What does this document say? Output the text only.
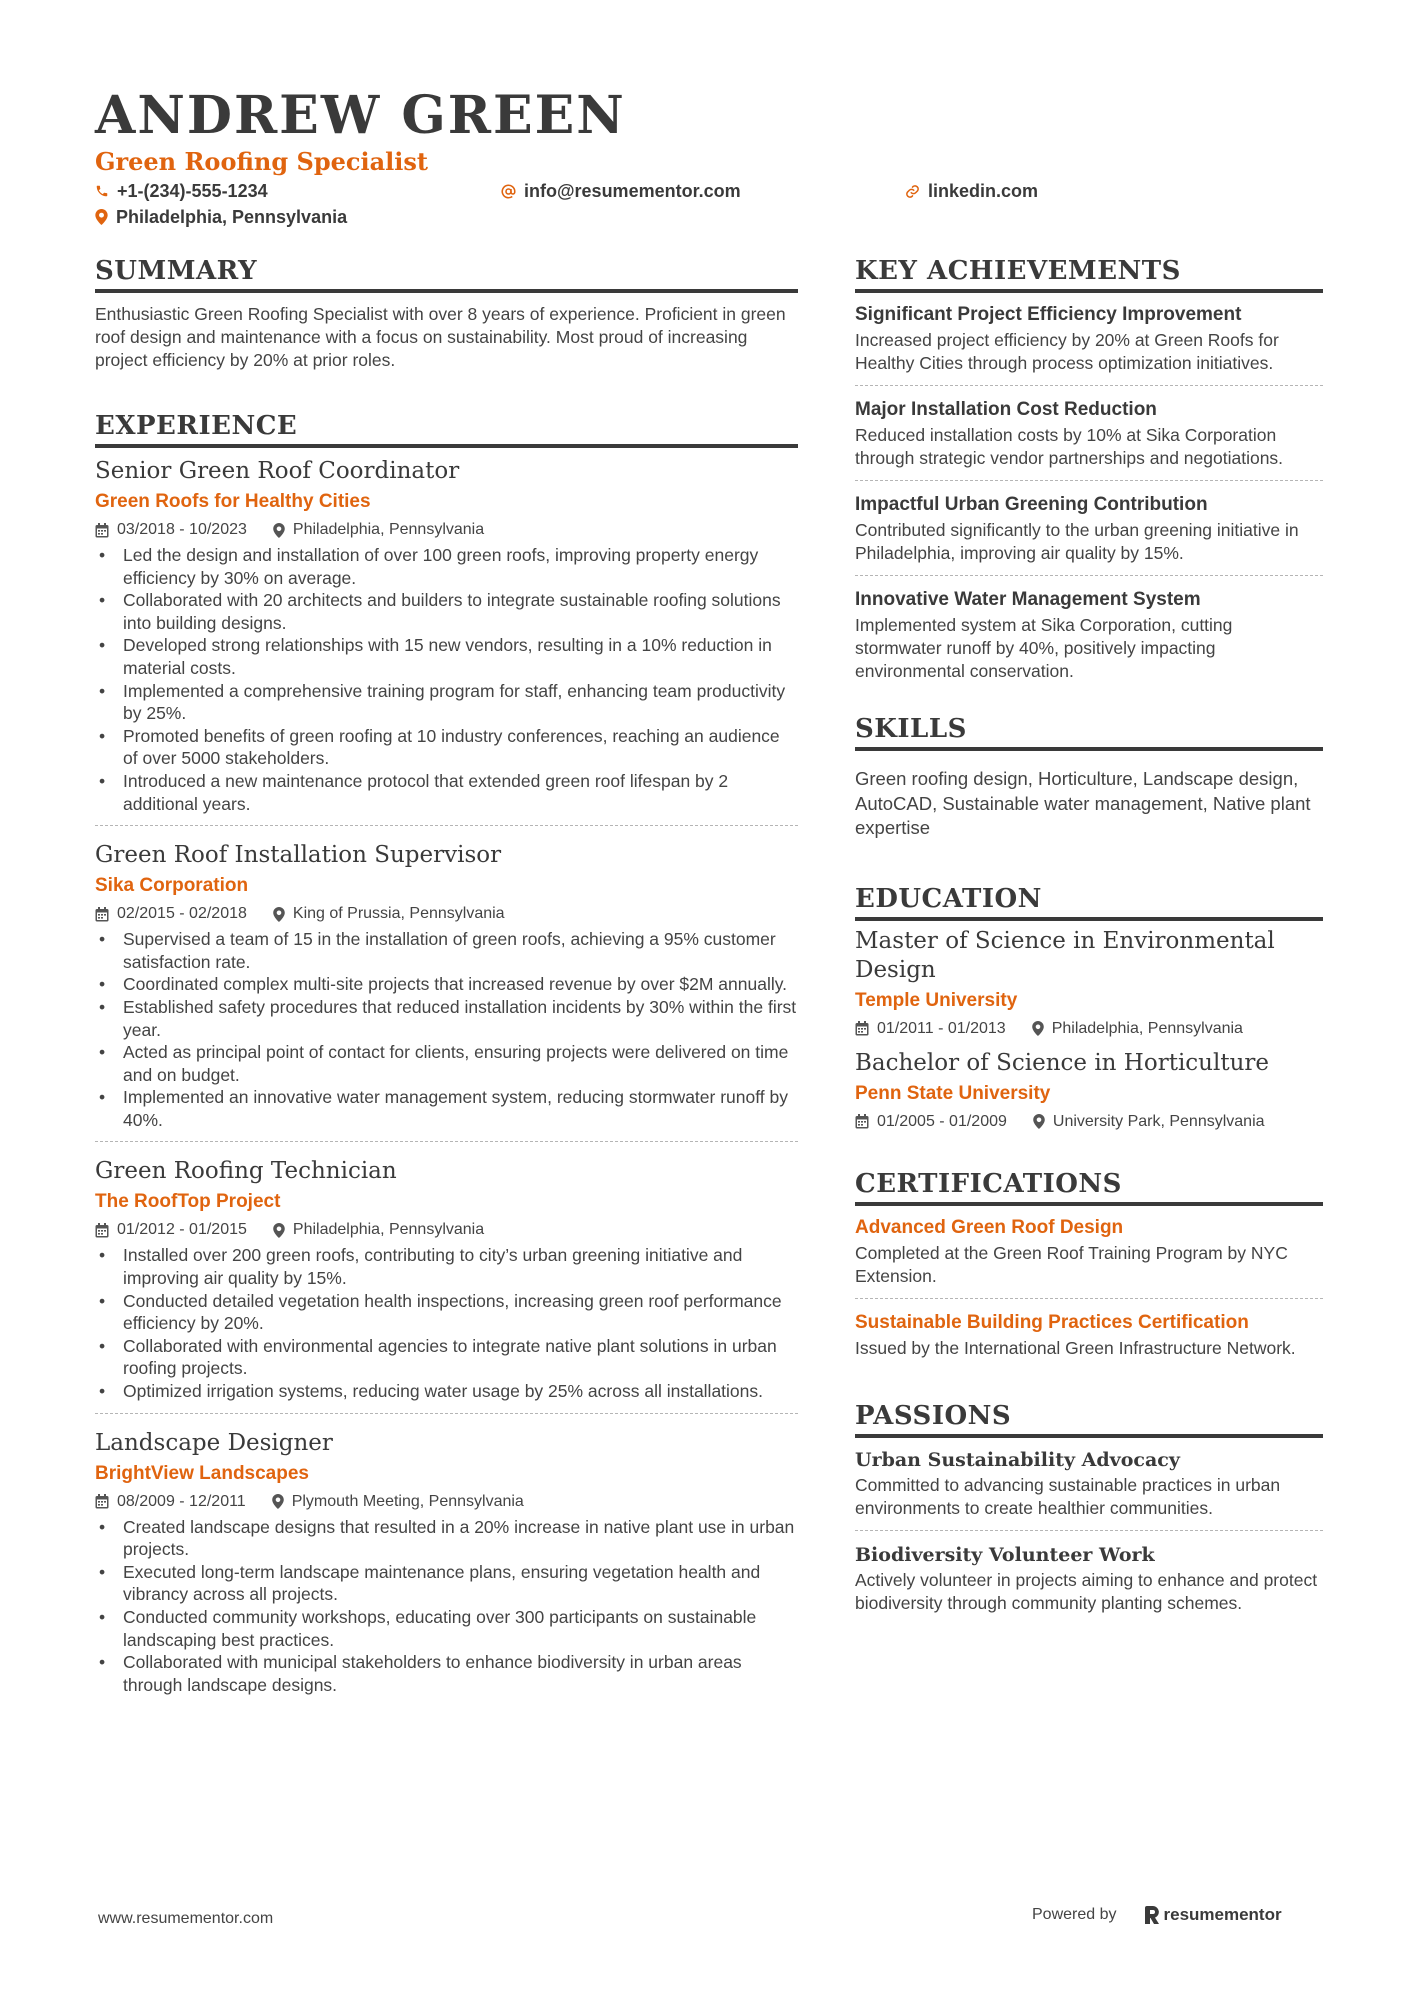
ANDREW GREEN
Green Roofing Specialist
+1-(234)-555-1234	info@resumementor.com	linkedin.com
Philadelphia, Pennsylvania
SUMMARY
Enthusiastic Green Roofing Specialist with over 8 years of experience. Proficient in green roof design and maintenance with a focus on sustainability. Most proud of increasing project efficiency by 20% at prior roles.
EXPERIENCE
Senior Green Roof Coordinator
Green Roofs for Healthy Cities
03/2018 - 10/2023	Philadelphia, Pennsylvania
• Led the design and installation of over 100 green roofs, improving property energy efficiency by 30% on average.
• Collaborated with 20 architects and builders to integrate sustainable roofing solutions into building designs.
• Developed strong relationships with 15 new vendors, resulting in a 10% reduction in material costs.
• Implemented a comprehensive training program for staff, enhancing team productivity by 25%.
• Promoted benefits of green roofing at 10 industry conferences, reaching an audience of over 5000 stakeholders.
• Introduced a new maintenance protocol that extended green roof lifespan by 2 additional years.
Green Roof Installation Supervisor
Sika Corporation
02/2015 - 02/2018	King of Prussia, Pennsylvania
• Supervised a team of 15 in the installation of green roofs, achieving a 95% customer satisfaction rate.
• Coordinated complex multi-site projects that increased revenue by over $2M annually.
• Established safety procedures that reduced installation incidents by 30% within the first year.
• Acted as principal point of contact for clients, ensuring projects were delivered on time and on budget.
• Implemented an innovative water management system, reducing stormwater runoff by 40%.
Green Roofing Technician
The RoofTop Project
01/2012 - 01/2015	Philadelphia, Pennsylvania
• Installed over 200 green roofs, contributing to city’s urban greening initiative and improving air quality by 15%.
• Conducted detailed vegetation health inspections, increasing green roof performance efficiency by 20%.
• Collaborated with environmental agencies to integrate native plant solutions in urban roofing projects.
• Optimized irrigation systems, reducing water usage by 25% across all installations.
Landscape Designer
BrightView Landscapes
08/2009 - 12/2011	Plymouth Meeting, Pennsylvania
• Created landscape designs that resulted in a 20% increase in native plant use in urban projects.
• Executed long-term landscape maintenance plans, ensuring vegetation health and vibrancy across all projects.
• Conducted community workshops, educating over 300 participants on sustainable landscaping best practices.
• Collaborated with municipal stakeholders to enhance biodiversity in urban areas through landscape designs.
KEY ACHIEVEMENTS
Significant Project Efficiency Improvement
Increased project efficiency by 20% at Green Roofs for Healthy Cities through process optimization initiatives.
Major Installation Cost Reduction
Reduced installation costs by 10% at Sika Corporation through strategic vendor partnerships and negotiations.
Impactful Urban Greening Contribution
Contributed significantly to the urban greening initiative in Philadelphia, improving air quality by 15%.
Innovative Water Management System
Implemented system at Sika Corporation, cutting stormwater runoff by 40%, positively impacting environmental conservation.
SKILLS
Green roofing design, Horticulture, Landscape design, AutoCAD, Sustainable water management, Native plant expertise
EDUCATION
Master of Science in Environmental Design
Temple University
01/2011 - 01/2013	Philadelphia, Pennsylvania
Bachelor of Science in Horticulture
Penn State University
01/2005 - 01/2009	University Park, Pennsylvania
CERTIFICATIONS
Advanced Green Roof Design
Completed at the Green Roof Training Program by NYC Extension.
Sustainable Building Practices Certification
Issued by the International Green Infrastructure Network.
PASSIONS
Urban Sustainability Advocacy
Committed to advancing sustainable practices in urban environments to create healthier communities.
Biodiversity Volunteer Work
Actively volunteer in projects aiming to enhance and protect biodiversity through community planting schemes.
www.resumementor.com	Powered by	resumementor
